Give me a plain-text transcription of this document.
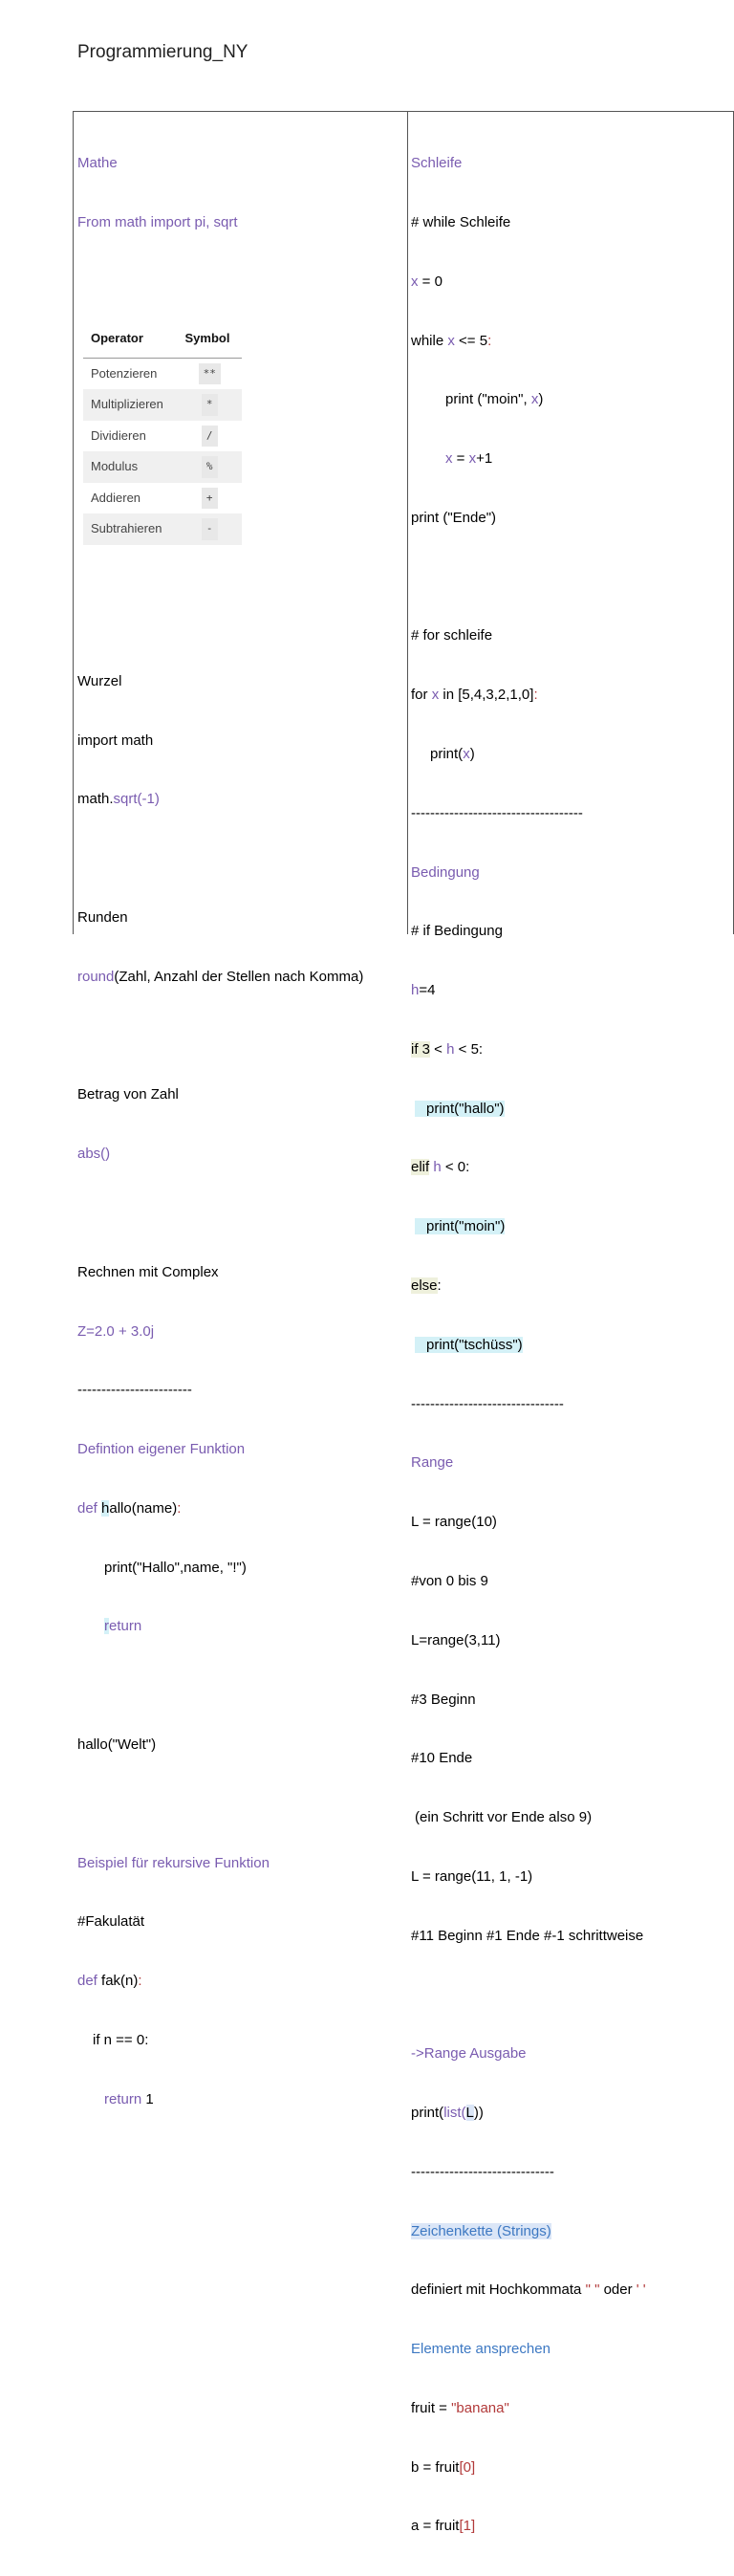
Programmierung_NY

Mathe

From math import pi, sqrt

Operator	Symbol
Potenzieren	**
Multiplizieren	*
Dividieren	/
Modulus	%
Addieren	+
Subtrahieren	-

Wurzel

import math

math.sqrt(-1)

Runden

round(Zahl, Anzahl der Stellen nach Komma)

Betrag von Zahl

abs()

Rechnen mit Complex

Z=2.0 + 3.0j

------------------------

Defintion eigener Funktion

def hallo(name):

print("Hallo",name, "!")

return

hallo("Welt")

Beispiel für rekursive Funktion

#Fakulatät

def fak(n):

if n == 0:

return 1

Schleife

# while Schleife

x = 0

while x <= 5:

print ("moin", x)

x = x+1

print ("Ende")

# for schleife

for x in [5,4,3,2,1,0]:

print(x)

------------------------------------

Bedingung

# if Bedingung

h=4

if 3 < h < 5:

print("hallo")

elif h < 0:

print("moin")

else:

print("tschüss")

--------------------------------

Range

L = range(10)

#von 0 bis 9

L=range(3,11)

#3 Beginn

#10 Ende

(ein Schritt vor Ende also 9)

L = range(11, 1, -1)

#11 Beginn #1 Ende #-1 schrittweise

->Range Ausgabe

print(list(L))

------------------------------

Zeichenkette (Strings)

definiert mit Hochkommata " " oder ' '

Elemente ansprechen

fruit = "banana"

b = fruit[0]

a = fruit[1]
